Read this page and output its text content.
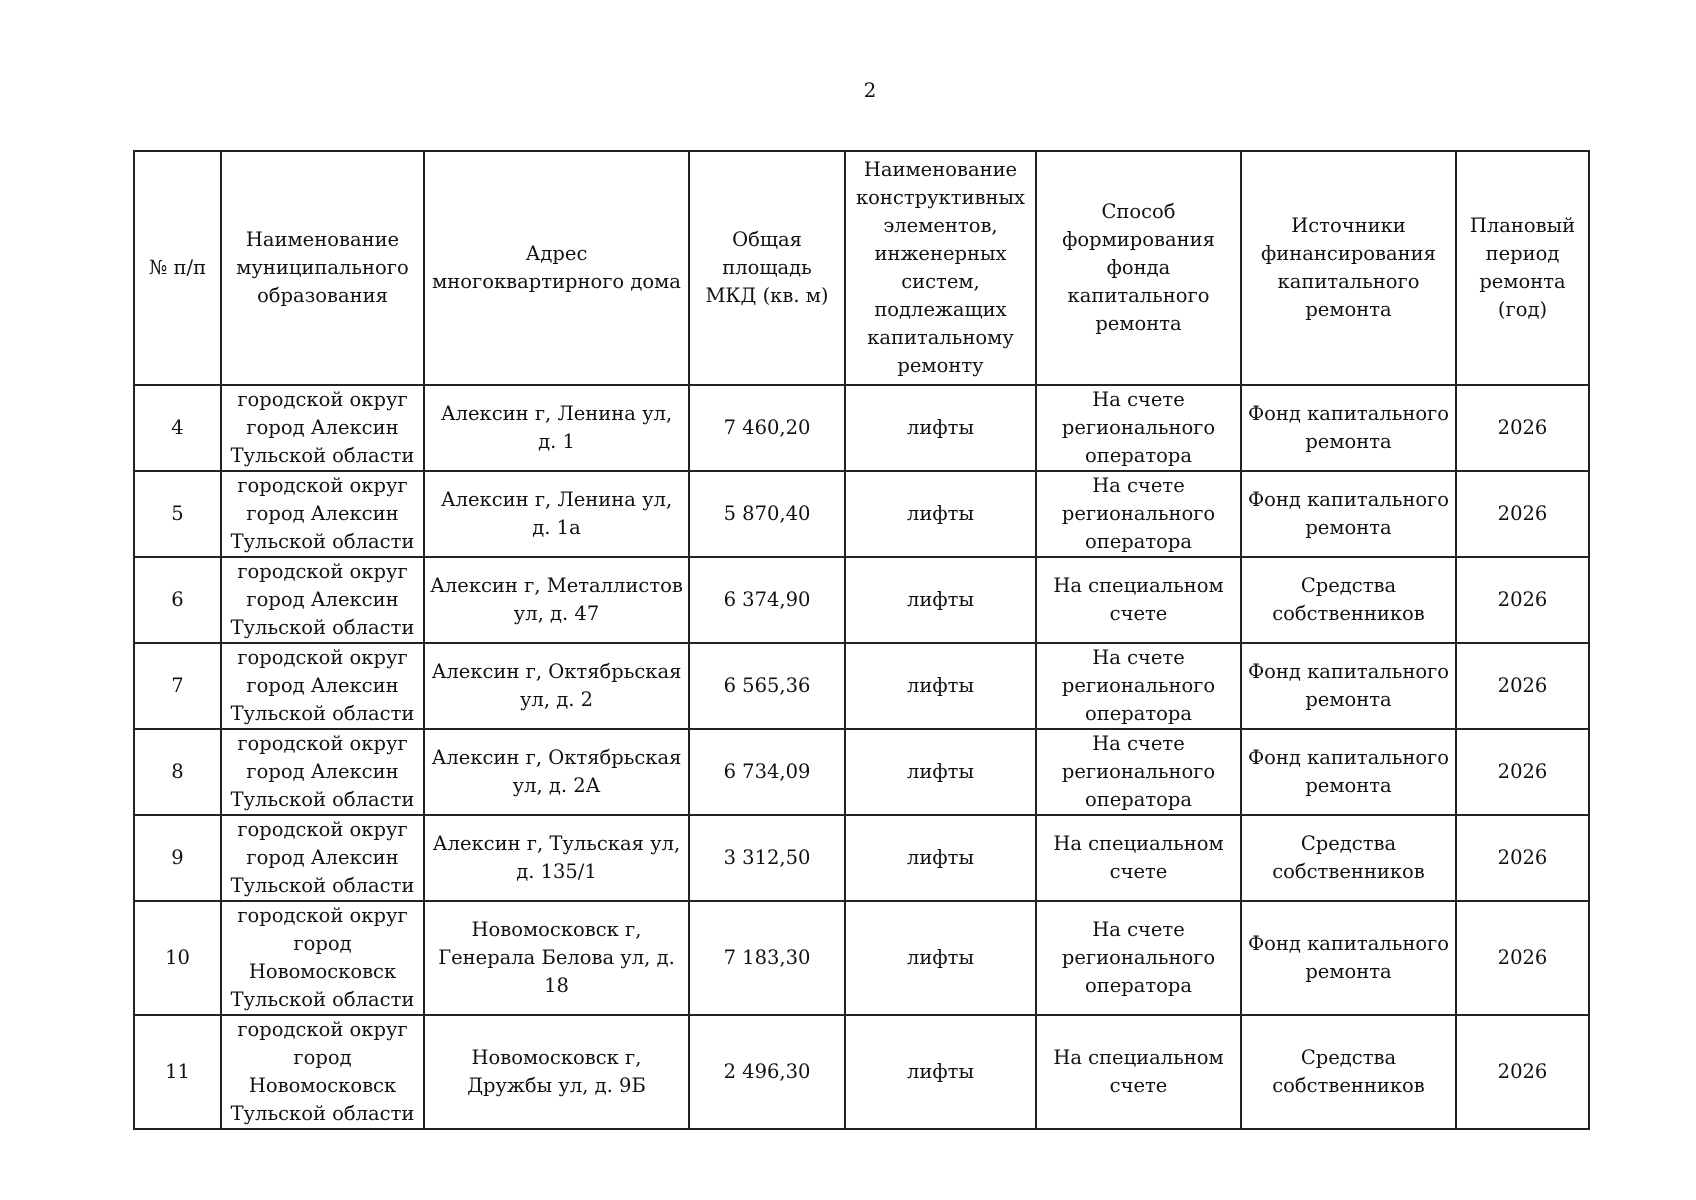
2
№ п/п	Наименование муниципального образования	Адрес многоквартирного дома	Общая площадь МКД (кв. м)	Наименование конструктивных элементов, инженерных систем, подлежащих капитальному ремонту	Способ формирования фонда капитального ремонта	Источники финансирования капитального ремонта	Плановый период ремонта (год)
4	городской округ город Алексин Тульской области	Алексин г, Ленина ул, д. 1	7 460,20	лифты	На счете регионального оператора	Фонд капитального ремонта	2026
5	городской округ город Алексин Тульской области	Алексин г, Ленина ул, д. 1а	5 870,40	лифты	На счете регионального оператора	Фонд капитального ремонта	2026
6	городской округ город Алексин Тульской области	Алексин г, Металлистов ул, д. 47	6 374,90	лифты	На специальном счете	Средства собственников	2026
7	городской округ город Алексин Тульской области	Алексин г, Октябрьская ул, д. 2	6 565,36	лифты	На счете регионального оператора	Фонд капитального ремонта	2026
8	городской округ город Алексин Тульской области	Алексин г, Октябрьская ул, д. 2А	6 734,09	лифты	На счете регионального оператора	Фонд капитального ремонта	2026
9	городской округ город Алексин Тульской области	Алексин г, Тульская ул, д. 135/1	3 312,50	лифты	На специальном счете	Средства собственников	2026
10	городской округ город Новомосковск Тульской области	Новомосковск г, Генерала Белова ул, д. 18	7 183,30	лифты	На счете регионального оператора	Фонд капитального ремонта	2026
11	городской округ город Новомосковск Тульской области	Новомосковск г, Дружбы ул, д. 9Б	2 496,30	лифты	На специальном счете	Средства собственников	2026
